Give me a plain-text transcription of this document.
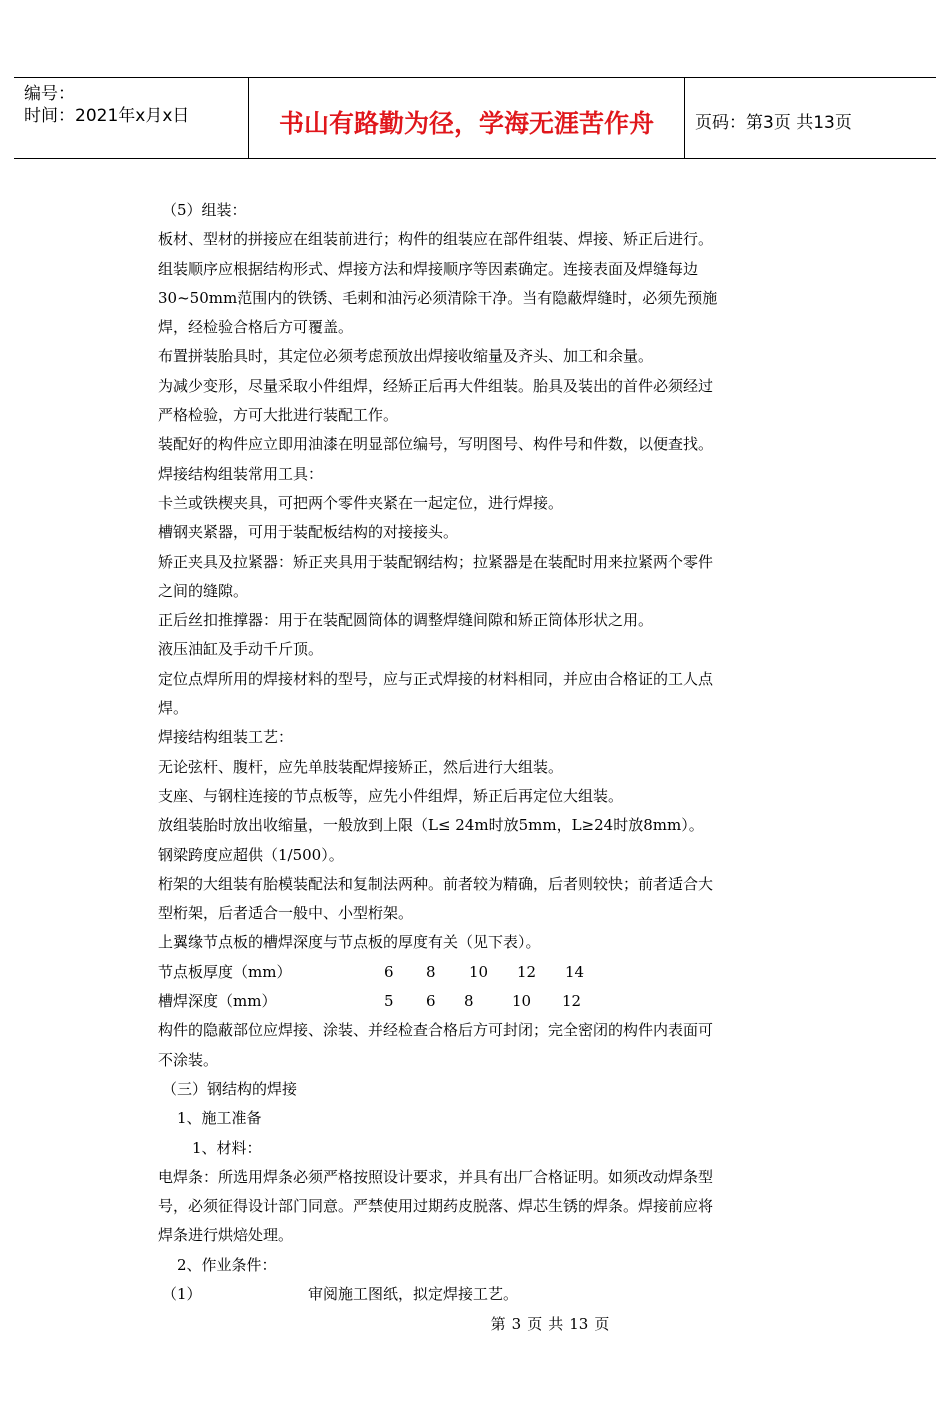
编号：
时间：2021年x月x日	书山有路勤为径，学海无涯苦作舟	页码：第3页 共13页
（5）组装：
板材、型材的拼接应在组装前进行；构件的组装应在部件组装、焊接、矫正后进行。
组装顺序应根据结构形式、焊接方法和焊接顺序等因素确定。连接表面及焊缝每边
30~50mm范围内的铁锈、毛刺和油污必须清除干净。当有隐蔽焊缝时，必须先预施
焊，经检验合格后方可覆盖。
布置拼装胎具时，其定位必须考虑预放出焊接收缩量及齐头、加工和余量。
为减少变形，尽量采取小件组焊，经矫正后再大件组装。胎具及装出的首件必须经过
严格检验，方可大批进行装配工作。
装配好的构件应立即用油漆在明显部位编号，写明图号、构件号和件数，以便查找。
焊接结构组装常用工具：
卡兰或铁楔夹具，可把两个零件夹紧在一起定位，进行焊接。
槽钢夹紧器，可用于装配板结构的对接接头。
矫正夹具及拉紧器：矫正夹具用于装配钢结构；拉紧器是在装配时用来拉紧两个零件
之间的缝隙。
正后丝扣推撑器：用于在装配圆筒体的调整焊缝间隙和矫正筒体形状之用。
液压油缸及手动千斤顶。
定位点焊所用的焊接材料的型号，应与正式焊接的材料相同，并应由合格证的工人点
焊。
焊接结构组装工艺：
无论弦杆、腹杆，应先单肢装配焊接矫正，然后进行大组装。
支座、与钢柱连接的节点板等，应先小件组焊，矫正后再定位大组装。
放组装胎时放出收缩量，一般放到上限（L≤ 24m时放5mm，L≥24时放8mm）。
钢梁跨度应超供（1/500）。
桁架的大组装有胎模装配法和复制法两种。前者较为精确，后者则较快；前者适合大
型桁架，后者适合一般中、小型桁架。
上翼缘节点板的槽焊深度与节点板的厚度有关（见下表）。
节点板厚度（mm）	6	8	10	12	14
槽焊深度（mm）	5	6	8	10	12
构件的隐蔽部位应焊接、涂装、并经检查合格后方可封闭；完全密闭的构件内表面可
不涂装。
（三）钢结构的焊接
1、施工准备
1、材料：
电焊条：所选用焊条必须严格按照设计要求，并具有出厂合格证明。如须改动焊条型
号，必须征得设计部门同意。严禁使用过期药皮脱落、焊芯生锈的焊条。焊接前应将
焊条进行烘焙处理。
2、作业条件：
（1）	审阅施工图纸，拟定焊接工艺。
第 3 页 共 13 页
